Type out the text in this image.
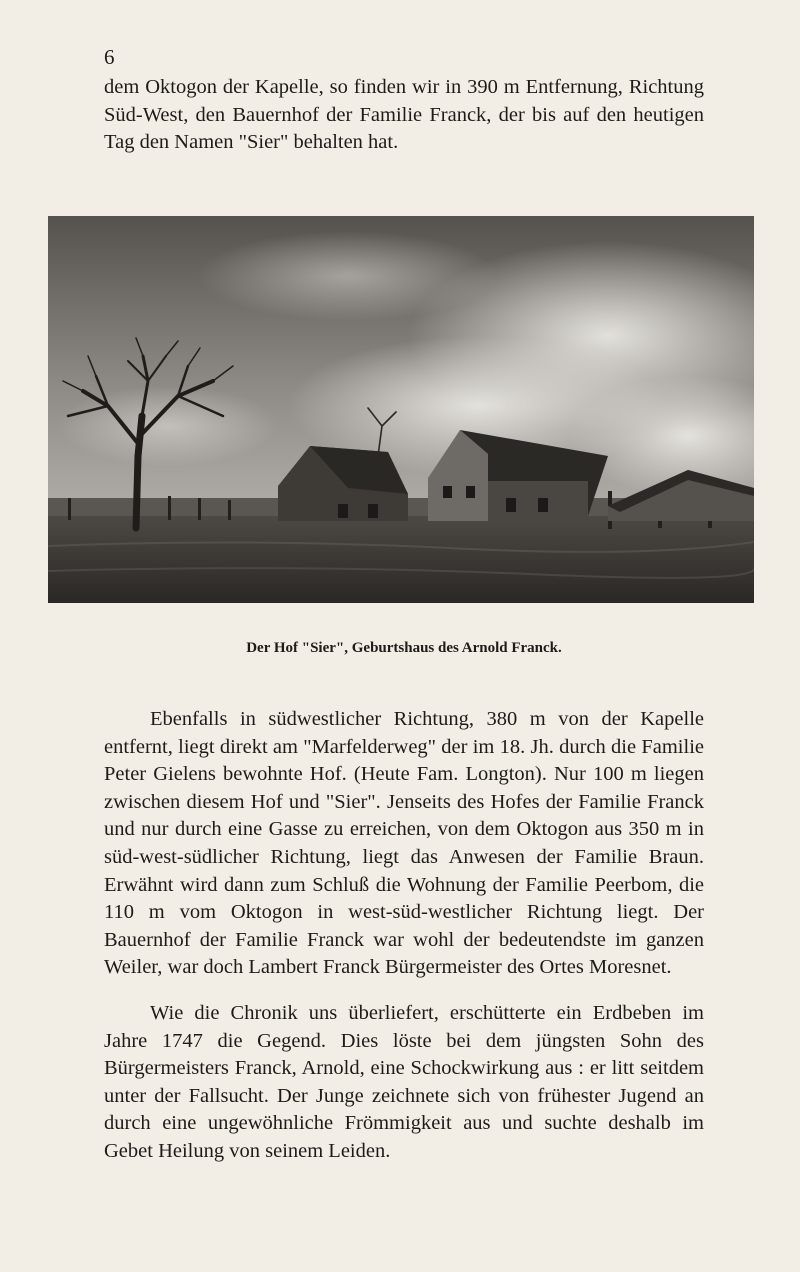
6

dem Oktogon der Kapelle, so finden wir in 390 m Entfernung, Richtung Süd-West, den Bauernhof der Familie Franck, der bis auf den heutigen Tag den Namen "Sier" behalten hat.

Der Hof "Sier", Geburtshaus des Arnold Franck.

Ebenfalls in südwestlicher Richtung, 380 m von der Kapelle entfernt, liegt direkt am "Marfelderweg" der im 18. Jh. durch die Familie Peter Gielens bewohnte Hof. (Heute Fam. Longton). Nur 100 m liegen zwischen diesem Hof und "Sier". Jenseits des Hofes der Familie Franck und nur durch eine Gasse zu erreichen, von dem Oktogon aus 350 m in süd-west-südlicher Richtung, liegt das Anwesen der Familie Braun. Erwähnt wird dann zum Schluß die Wohnung der Familie Peerbom, die 110 m vom Oktogon in west-süd-westlicher Richtung liegt. Der Bauernhof der Familie Franck war wohl der bedeutendste im ganzen Weiler, war doch Lambert Franck Bürgermeister des Ortes Moresnet.

Wie die Chronik uns überliefert, erschütterte ein Erdbeben im Jahre 1747 die Gegend. Dies löste bei dem jüngsten Sohn des Bürgermeisters Franck, Arnold, eine Schockwirkung aus : er litt seitdem unter der Fallsucht. Der Junge zeichnete sich von frühester Jugend an durch eine ungewöhnliche Frömmigkeit aus und suchte deshalb im Gebet Heilung von seinem Leiden.
